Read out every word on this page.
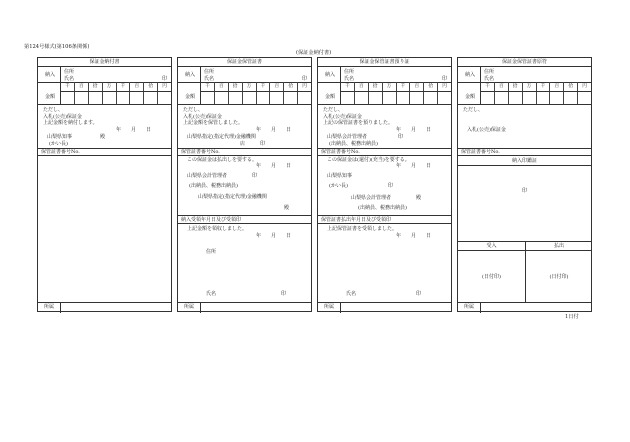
第124号様式(第106条関係)
(保証金納付書)
1日付
保証金納付書
納入 住所
氏名	印
千	百	拾	万	千	百	拾	円
金額
ただし、
入札(公売)保証金
上記金額を納付します。
年　　月　　日
山梨県知事	殿
(かい長)
保管証書番号No.
所属
保証金保管証書
納入 住所
氏名	印
千	百	拾	万	千	百	拾	円
金額
ただし、
入札(公売)保証金
上記金額を保管しました。
年　　月　　日
山梨県指定(指定代理)金融機関
店　　　印
保管証書番号No.
この保証金は払出しを要する。
年　　月　　日
山梨県会計管理者　　　　　印
(出納員、税務出納員)
山梨県指定(指定代理)金融機関
殿
納入受領年月日及び受領印
上記金額を領収しました。
年　　月　　日
住所
氏名　　　　　　　　　　　　　印
所属
保証金保管証書預り証
納入 住所
氏名	印
千	百	拾	万	千	百	拾	円
金額
ただし、
入札(公売)保証金
上記の保管証書を預りました。
年　　月　　日
山梨県会計管理者	印
(出納員、税務出納員)
保管証書番号No.
この保証金は(還付)(充当)を要する。
年　　月　　日
山梨県知事
(かい長)　　　　　　　　印
山梨県会計管理者　　　　　殿
(出納員、税務出納員)
保管証書払出年月日及び受領印
上記保管証書を受領しました。
年　　月　　日
氏名　　　　　　　　　　　　印
所属
保証金保管証書原符
納入 住所
氏名
千	百	拾	万	千	百	拾	円
金額
ただし、
入札(公売)保証金
保管証書番号No.
納入印鑑証
印
受入	払出
(日付印)	(日付印)
所属
